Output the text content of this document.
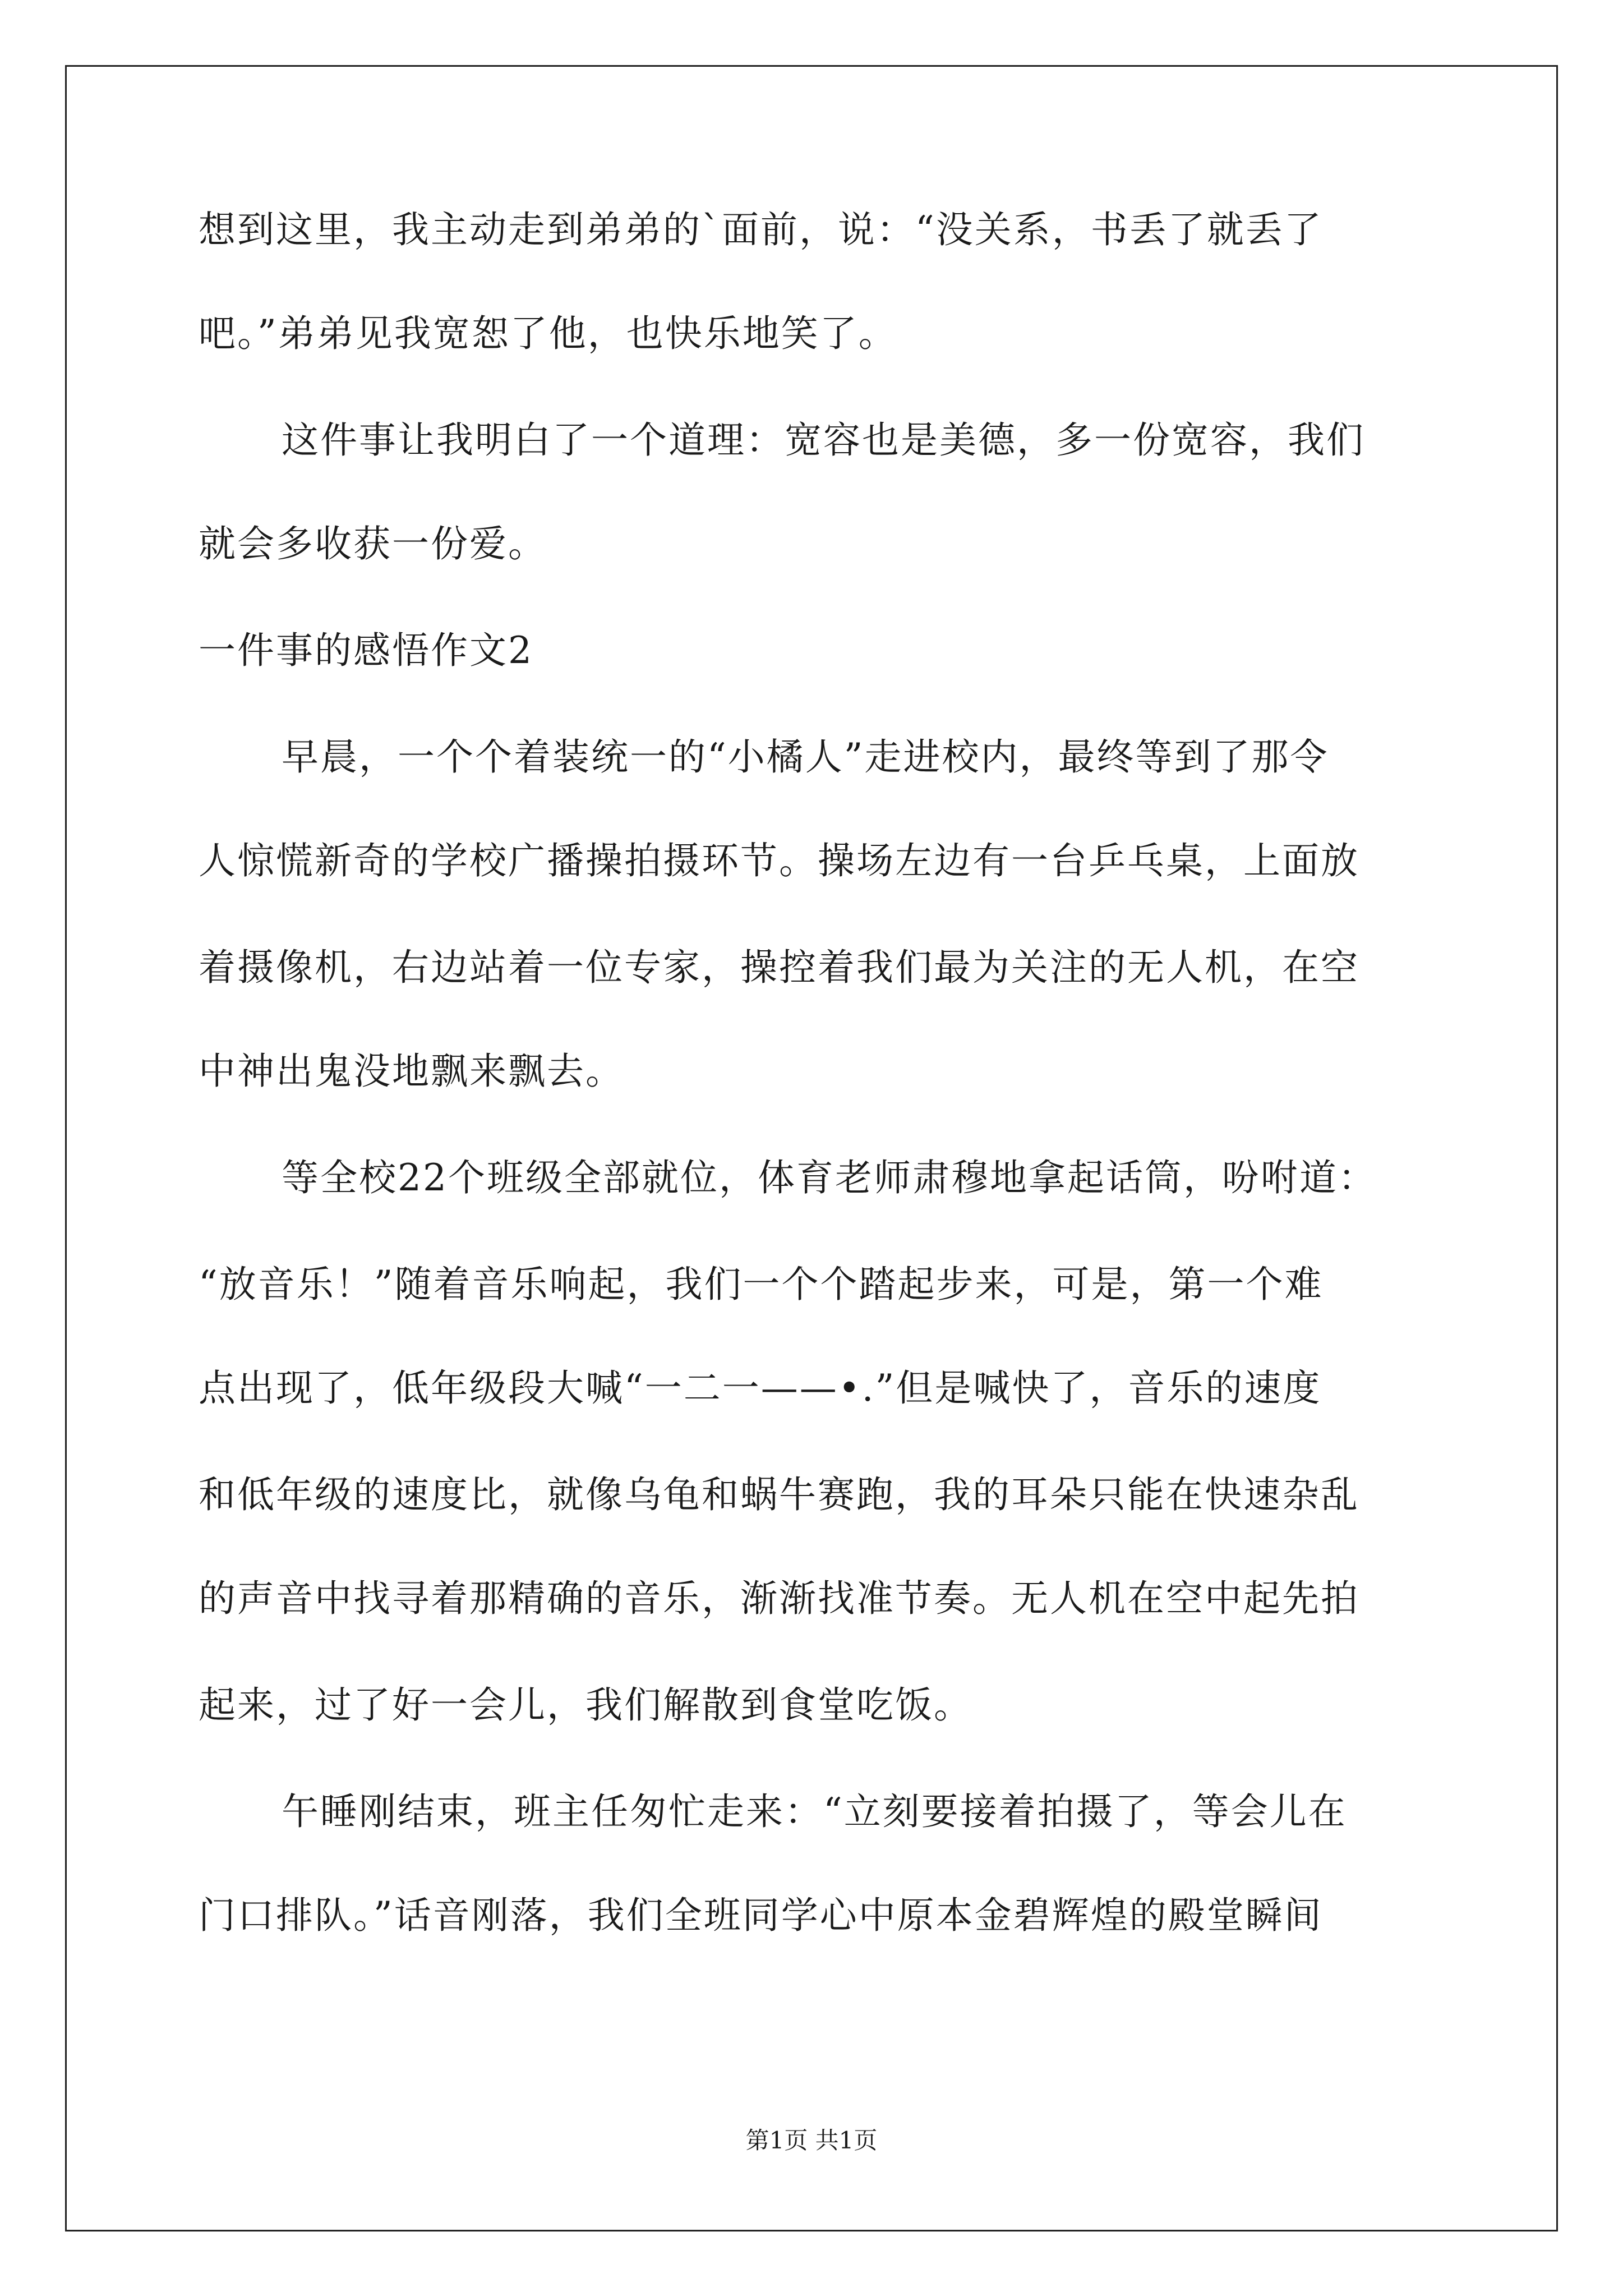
想到这里，我主动走到弟弟的`面前，说：“没关系，书丢了就丢了
吧。”弟弟见我宽恕了他，也快乐地笑了。
这件事让我明白了一个道理：宽容也是美德，多一份宽容，我们
就会多收获一份爱。
一件事的感悟作文2
早晨，一个个着装统一的“小橘人”走进校内，最终等到了那令
人惊慌新奇的学校广播操拍摄环节。操场左边有一台乒乓桌，上面放
着摄像机，右边站着一位专家，操控着我们最为关注的无人机，在空
中神出鬼没地飘来飘去。
等全校22个班级全部就位，体育老师肃穆地拿起话筒，吩咐道：
“放音乐！”随着音乐响起，我们一个个踏起步来，可是，第一个难
点出现了，低年级段大喊“一二一——•.”但是喊快了，音乐的速度
和低年级的速度比，就像乌龟和蜗牛赛跑，我的耳朵只能在快速杂乱
的声音中找寻着那精确的音乐，渐渐找准节奏。无人机在空中起先拍
起来，过了好一会儿，我们解散到食堂吃饭。
午睡刚结束，班主任匆忙走来：“立刻要接着拍摄了，等会儿在
门口排队。”话音刚落，我们全班同学心中原本金碧辉煌的殿堂瞬间
第1页 共1页
